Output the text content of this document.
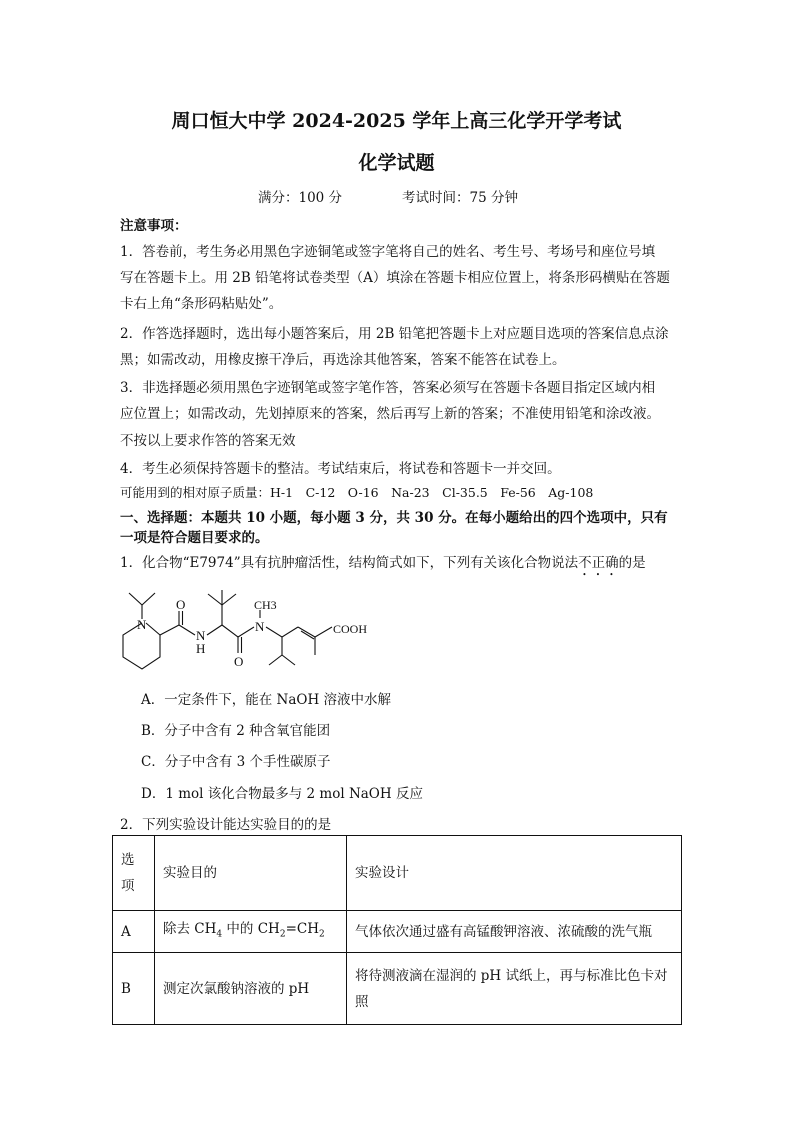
周口恒大中学 2024-2025 学年上高三化学开学考试
化学试题
满分：100 分	考试时间：75 分钟
注意事项：
1．答卷前，考生务必用黑色字迹铜笔或签字笔将自己的姓名、考生号、考场号和座位号填
写在答题卡上。用 2B 铅笔将试卷类型（A）填涂在答题卡相应位置上，将条形码横贴在答题
卡右上角“条形码粘贴处”。
2．作答选择题时，选出每小题答案后，用 2B 铅笔把答题卡上对应题目选项的答案信息点涂
黑；如需改动，用橡皮擦干净后，再选涂其他答案，答案不能答在试卷上。
3．非选择题必须用黑色字迹钢笔或签字笔作答，答案必须写在答题卡各题目指定区域内相
应位置上；如需改动，先划掉原来的答案，然后再写上新的答案；不准使用铅笔和涂改液。
不按以上要求作答的答案无效
4．考生必须保持答题卡的整洁。考试结束后，将试卷和答题卡一并交回。
可能用到的相对原子质量：H-1　C-12　O-16　Na-23　Cl-35.5　Fe-56　Ag-108
一、选择题：本题共 10 小题，每小题 3 分，共 30 分。在每小题给出的四个选项中，只有
一项是符合题目要求的。
1．化合物“E7974”具有抗肿瘤活性，结构简式如下，下列有关该化合物说法不正确的是
N
O
N
H
O
N
CH3
COOH
A．一定条件下，能在 NaOH 溶液中水解
B．分子中含有 2 种含氧官能团
C．分子中含有 3 个手性碳原子
D．1 mol 该化合物最多与 2 mol NaOH 反应
2．下列实验设计能达实验目的的是
选
项	实验目的	实验设计
A	除去 $CH_4$ 中的 $CH_2=CH_2$	气体依次通过盛有高锰酸钾溶液、浓硫酸的洗气瓶
B	测定次氯酸钠溶液的 pH	将待测液滴在湿润的 pH 试纸上，再与标准比色卡对
照
